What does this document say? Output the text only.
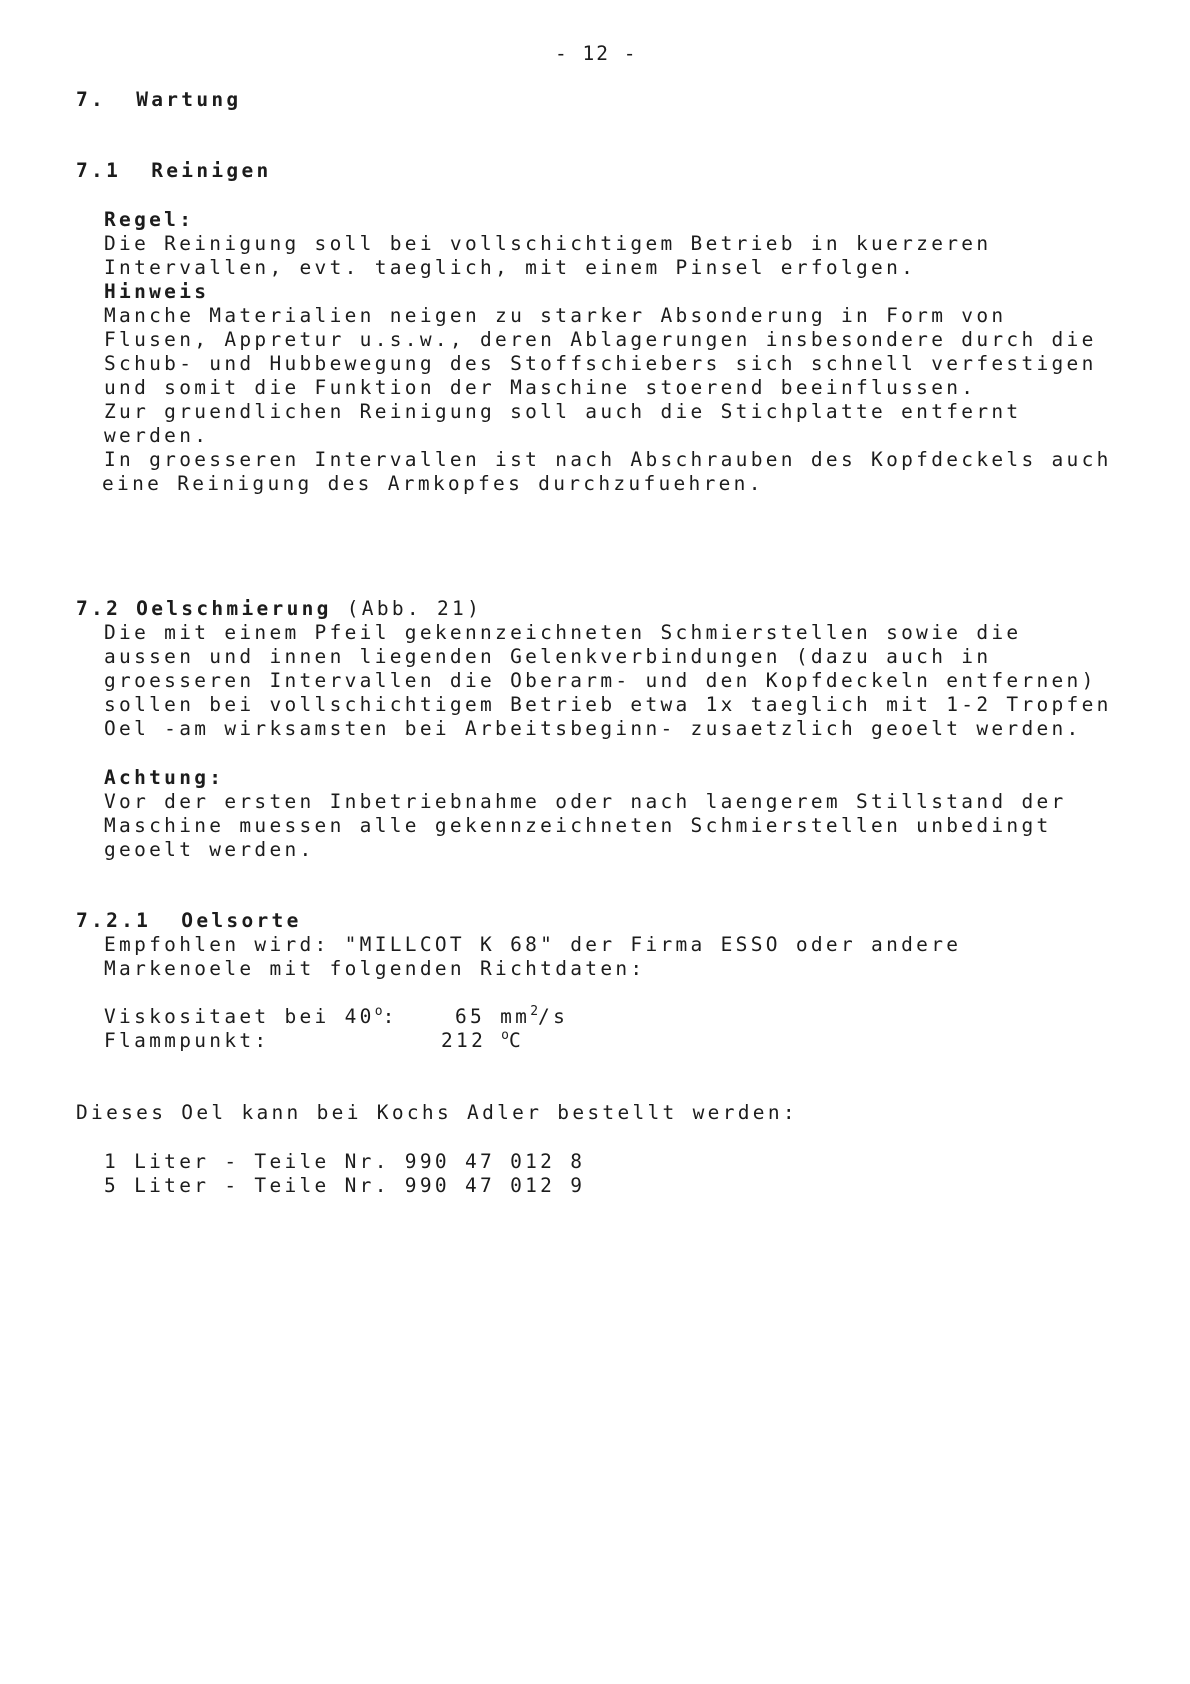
- 12 -
7. Wartung
7.1 Reinigen
Regel:
Die Reinigung soll bei vollschichtigem Betrieb in kuerzeren
Intervallen, evt. taeglich, mit einem Pinsel erfolgen.
Hinweis
Manche Materialien neigen zu starker Absonderung in Form von
Flusen, Appretur u.s.w., deren Ablagerungen insbesondere durch die
Schub- und Hubbewegung des Stoffschiebers sich schnell verfestigen
und somit die Funktion der Maschine stoerend beeinflussen.
Zur gruendlichen Reinigung soll auch die Stichplatte entfernt
werden.
In groesseren Intervallen ist nach Abschrauben des Kopfdeckels auch
eine Reinigung des Armkopfes durchzufuehren.
7.2 Oelschmierung (Abb. 21)
Die mit einem Pfeil gekennzeichneten Schmierstellen sowie die
aussen und innen liegenden Gelenkverbindungen (dazu auch in
groesseren Intervallen die Oberarm- und den Kopfdeckeln entfernen)
sollen bei vollschichtigem Betrieb etwa 1x taeglich mit 1-2 Tropfen
Oel -am wirksamsten bei Arbeitsbeginn- zusaetzlich geoelt werden.
Achtung:
Vor der ersten Inbetriebnahme oder nach laengerem Stillstand der
Maschine muessen alle gekennzeichneten Schmierstellen unbedingt
geoelt werden.
7.2.1 Oelsorte
Empfohlen wird: "MILLCOT K 68" der Firma ESSO oder andere
Markenoele mit folgenden Richtdaten:
Viskositaet bei 40$^o$:	65 $mm^2/s$
Flammpunkt:	212 $^o$C
Dieses Oel kann bei Kochs Adler bestellt werden:
1 Liter - Teile Nr. 990 47 012 8
5 Liter - Teile Nr. 990 47 012 9
